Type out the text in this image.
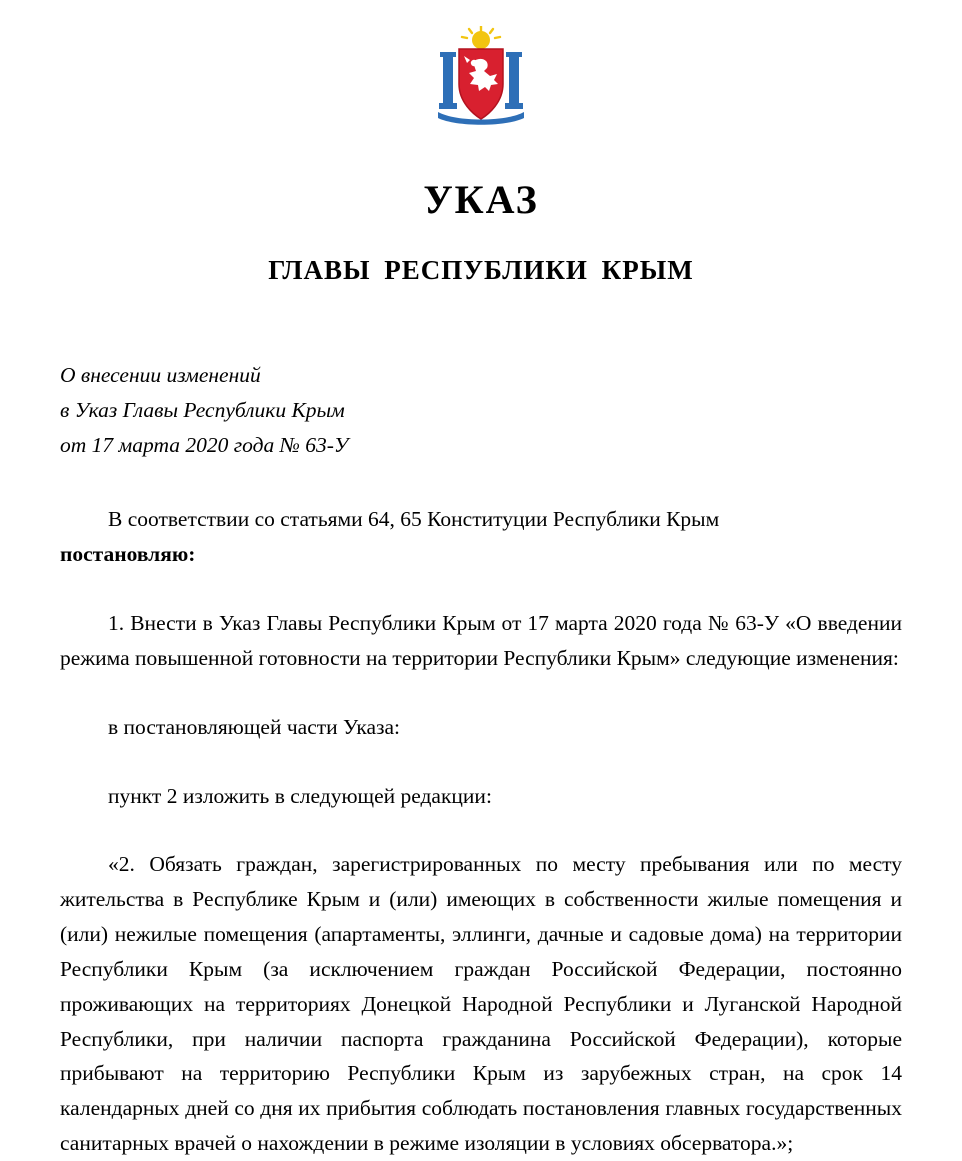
УКАЗ
ГЛАВЫ РЕСПУБЛИКИ КРЫМ
О внесении изменений
в Указ Главы Республики Крым
от 17 марта 2020 года № 63-У

В соответствии со статьями 64, 65 Конституции Республики Крым

постановляю:

1. Внести в Указ Главы Республики Крым от 17 марта 2020 года № 63-У «О введении режима повышенной готовности на территории Республики Крым» следующие изменения:

в постановляющей части Указа:

пункт 2 изложить в следующей редакции:

«2. Обязать граждан, зарегистрированных по месту пребывания или по месту жительства в Республике Крым и (или) имеющих в собственности жилые помещения и (или) нежилые помещения (апартаменты, эллинги, дачные и садовые дома) на территории Республики Крым (за исключением граждан Российской Федерации, постоянно проживающих на территориях Донецкой Народной Республики и Луганской Народной Республики, при наличии паспорта гражданина Российской Федерации), которые прибывают на территорию Республики Крым из зарубежных стран, на срок 14 календарных дней со дня их прибытия соблюдать постановления главных государственных санитарных врачей о нахождении в режиме изоляции в условиях обсерватора.»;
